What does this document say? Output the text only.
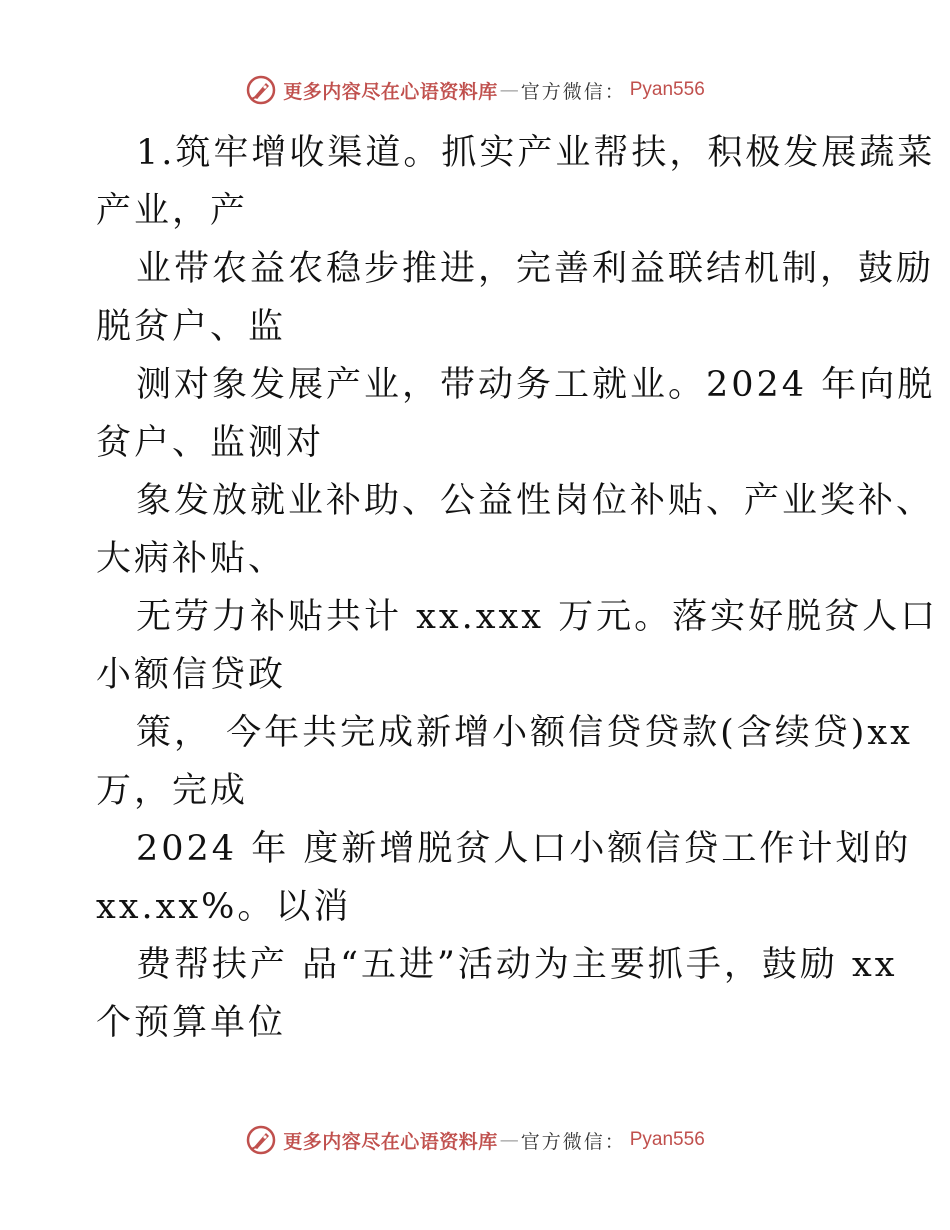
更多内容尽在心语资料库 — 官方微信： Pyan556
1.筑牢增收渠道。抓实产业帮扶，积极发展蔬菜
产业，产
业带农益农稳步推进，完善利益联结机制，鼓励
脱贫户、监
测对象发展产业，带动务工就业。2024 年向脱
贫户、监测对
象发放就业补助、公益性岗位补贴、产业奖补、
大病补贴、
无劳力补贴共计 xx.xxx 万元。落实好脱贫人口
小额信贷政
策， 今年共完成新增小额信贷贷款(含续贷)xx
万，完成
2024 年 度新增脱贫人口小额信贷工作计划的
xx.xx%。以消
费帮扶产 品“五进”活动为主要抓手，鼓励 xx
个预算单位
更多内容尽在心语资料库 — 官方微信： Pyan556
